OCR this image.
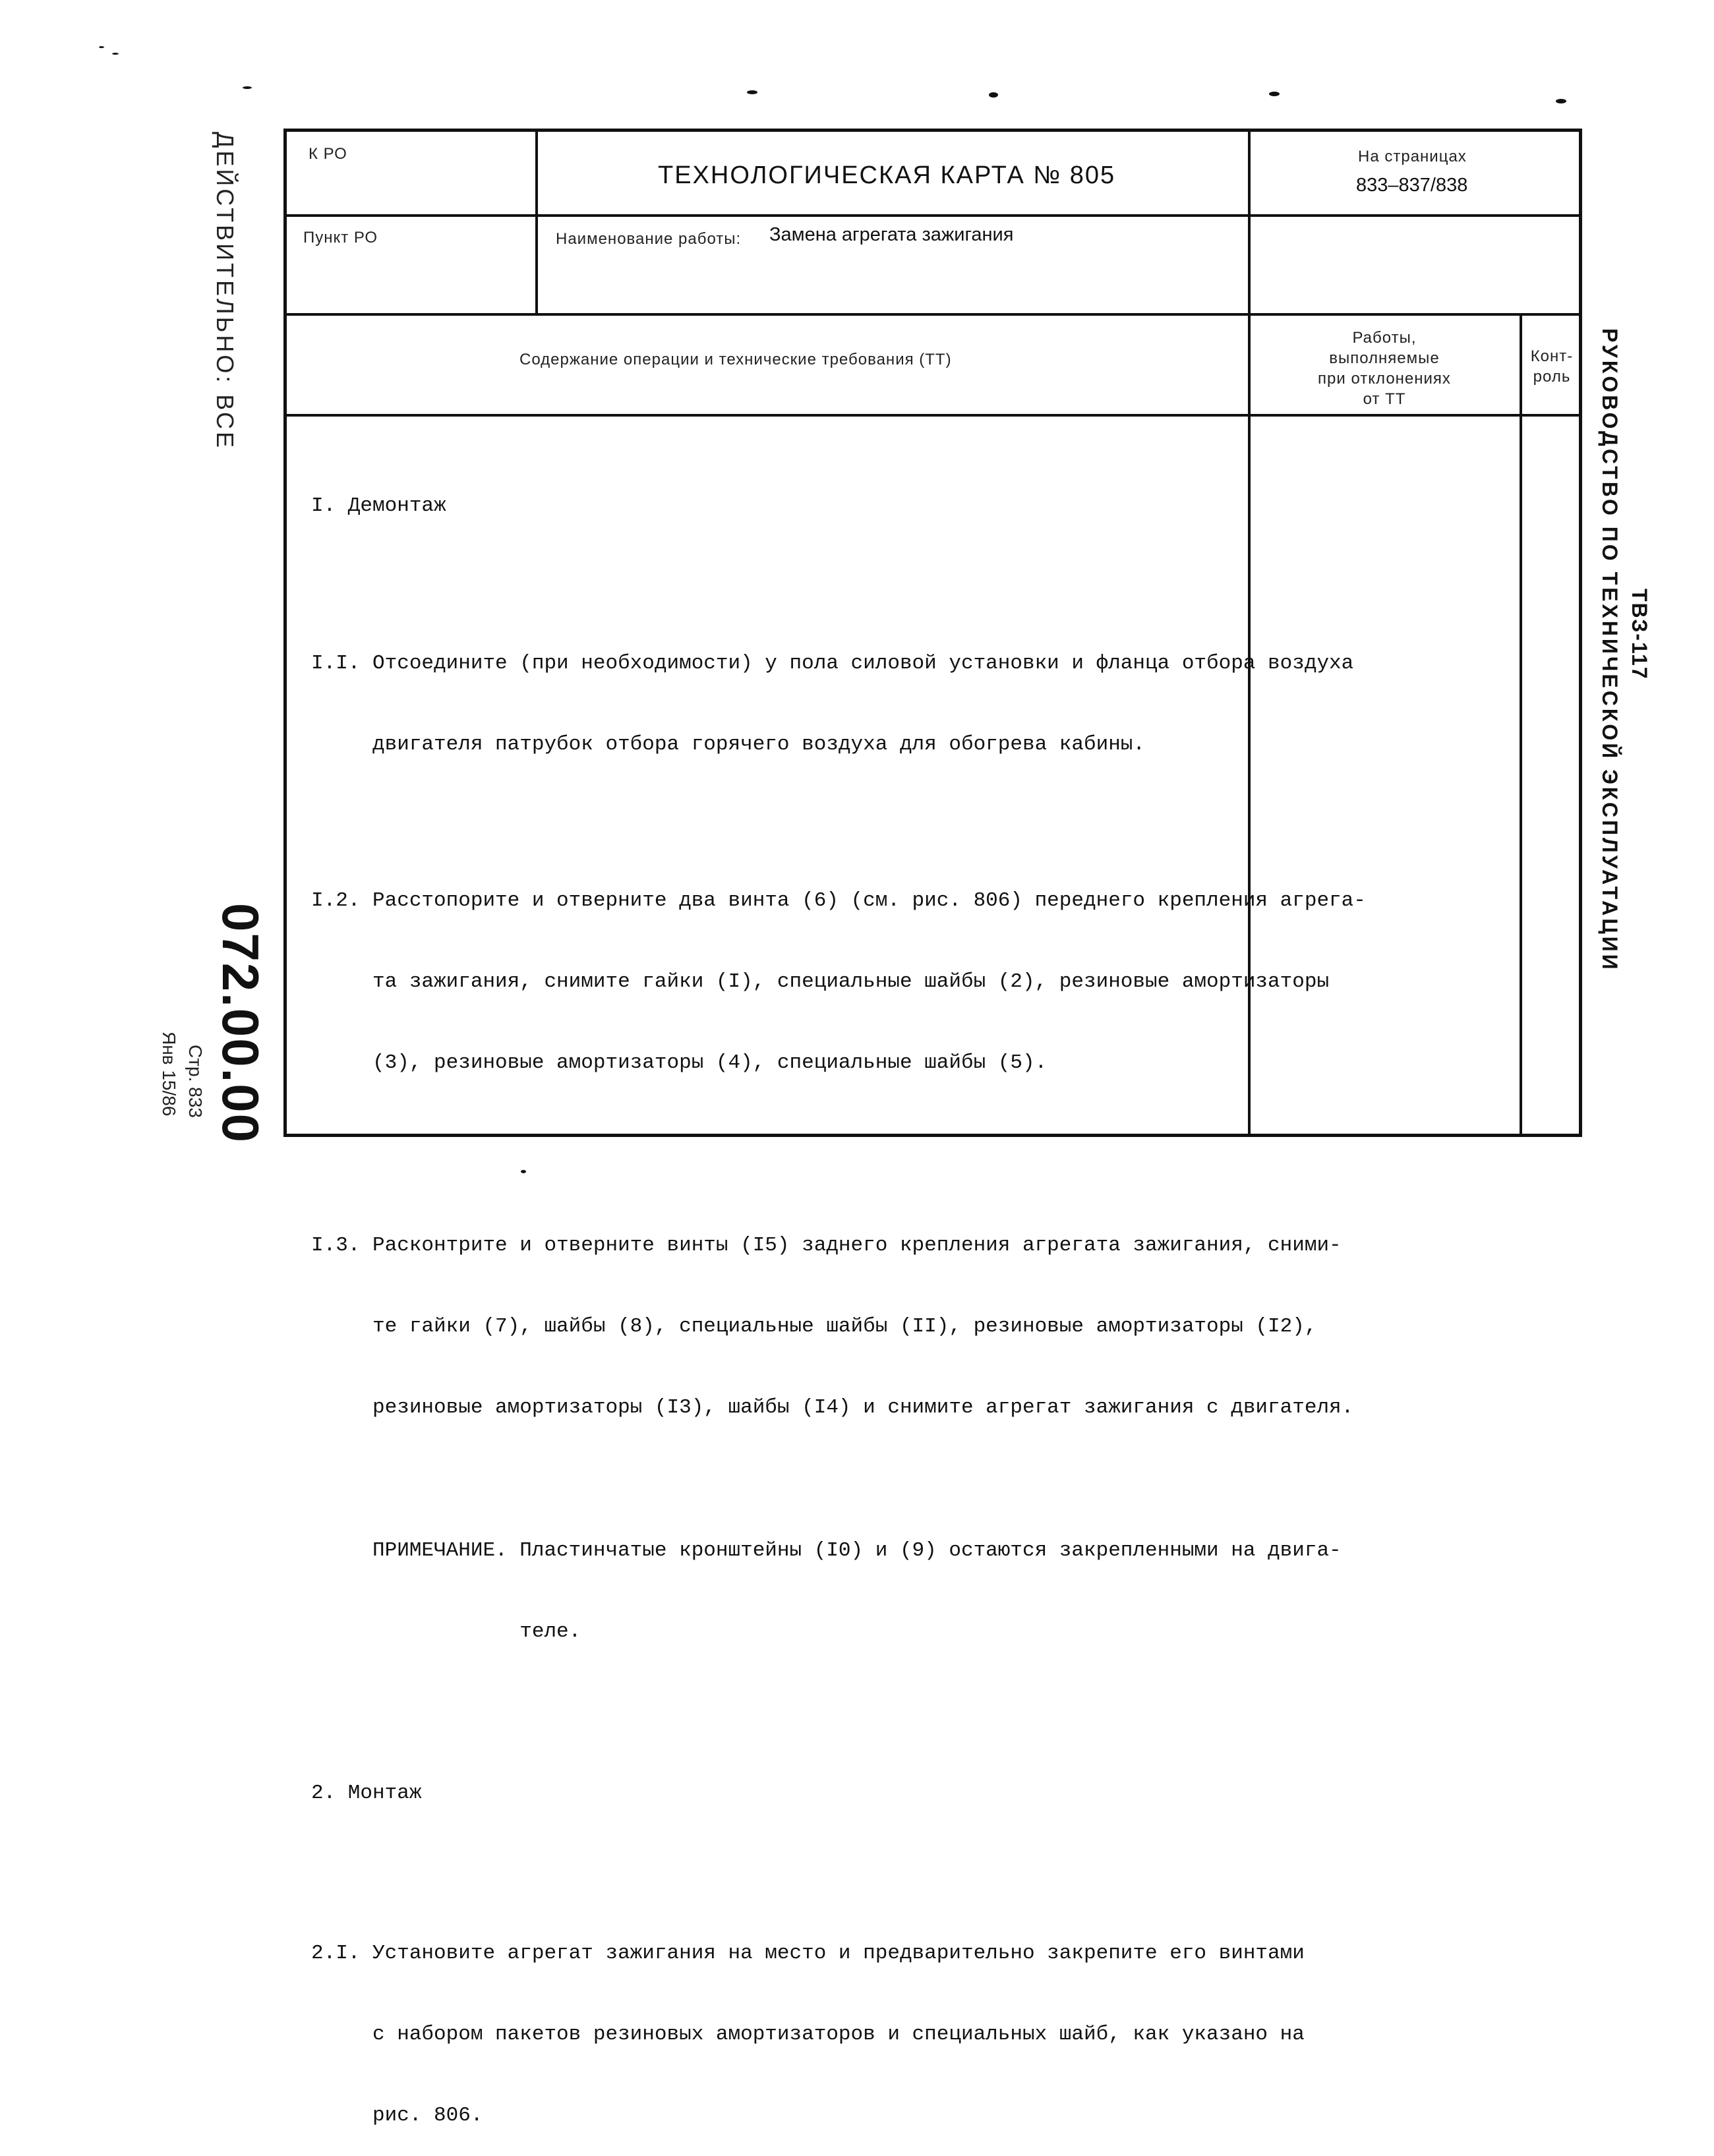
К РО
ТЕХНОЛОГИЧЕСКАЯ КАРТА № 805
На страницах
833–837/838
Пункт РО	Наименование работы: Замена агрегата зажигания
Содержание операции и технические требования (ТТ)
Работы,
выполняемые
при отклонениях
от ТТ
Конт-
роль

I. Демонтаж

I.I. Отсоедините (при необходимости) у пола силовой установки и фланца отбора воздуха

двигателя патрубок отбора горячего воздуха для обогрева кабины.

I.2. Расстопорите и отверните два винта (6) (см. рис. 806) переднего крепления агрега-

та зажигания, снимите гайки (I), специальные шайбы (2), резиновые амортизаторы

(3), резиновые амортизаторы (4), специальные шайбы (5).

I.3. Расконтрите и отверните винты (I5) заднего крепления агрегата зажигания, сними-

те гайки (7), шайбы (8), специальные шайбы (II), резиновые амортизаторы (I2),

резиновые амортизаторы (I3), шайбы (I4) и снимите агрегат зажигания с двигателя.

ПРИМЕЧАНИЕ. Пластинчатые кронштейны (I0) и (9) остаются закрепленными на двига-

теле.

2. Монтаж

2.I. Установите агрегат зажигания на место и предварительно закрепите его винтами

с набором пакетов резиновых амортизаторов и специальных шайб, как указано на

рис. 806.

ДЕЙСТВИТЕЛЬНО: ВСЕ
072.00.00
Стр. 833
Янв 15/86
ТВЗ-117
РУКОВОДСТВО ПО ТЕХНИЧЕСКОЙ ЭКСПЛУАТАЦИИ
